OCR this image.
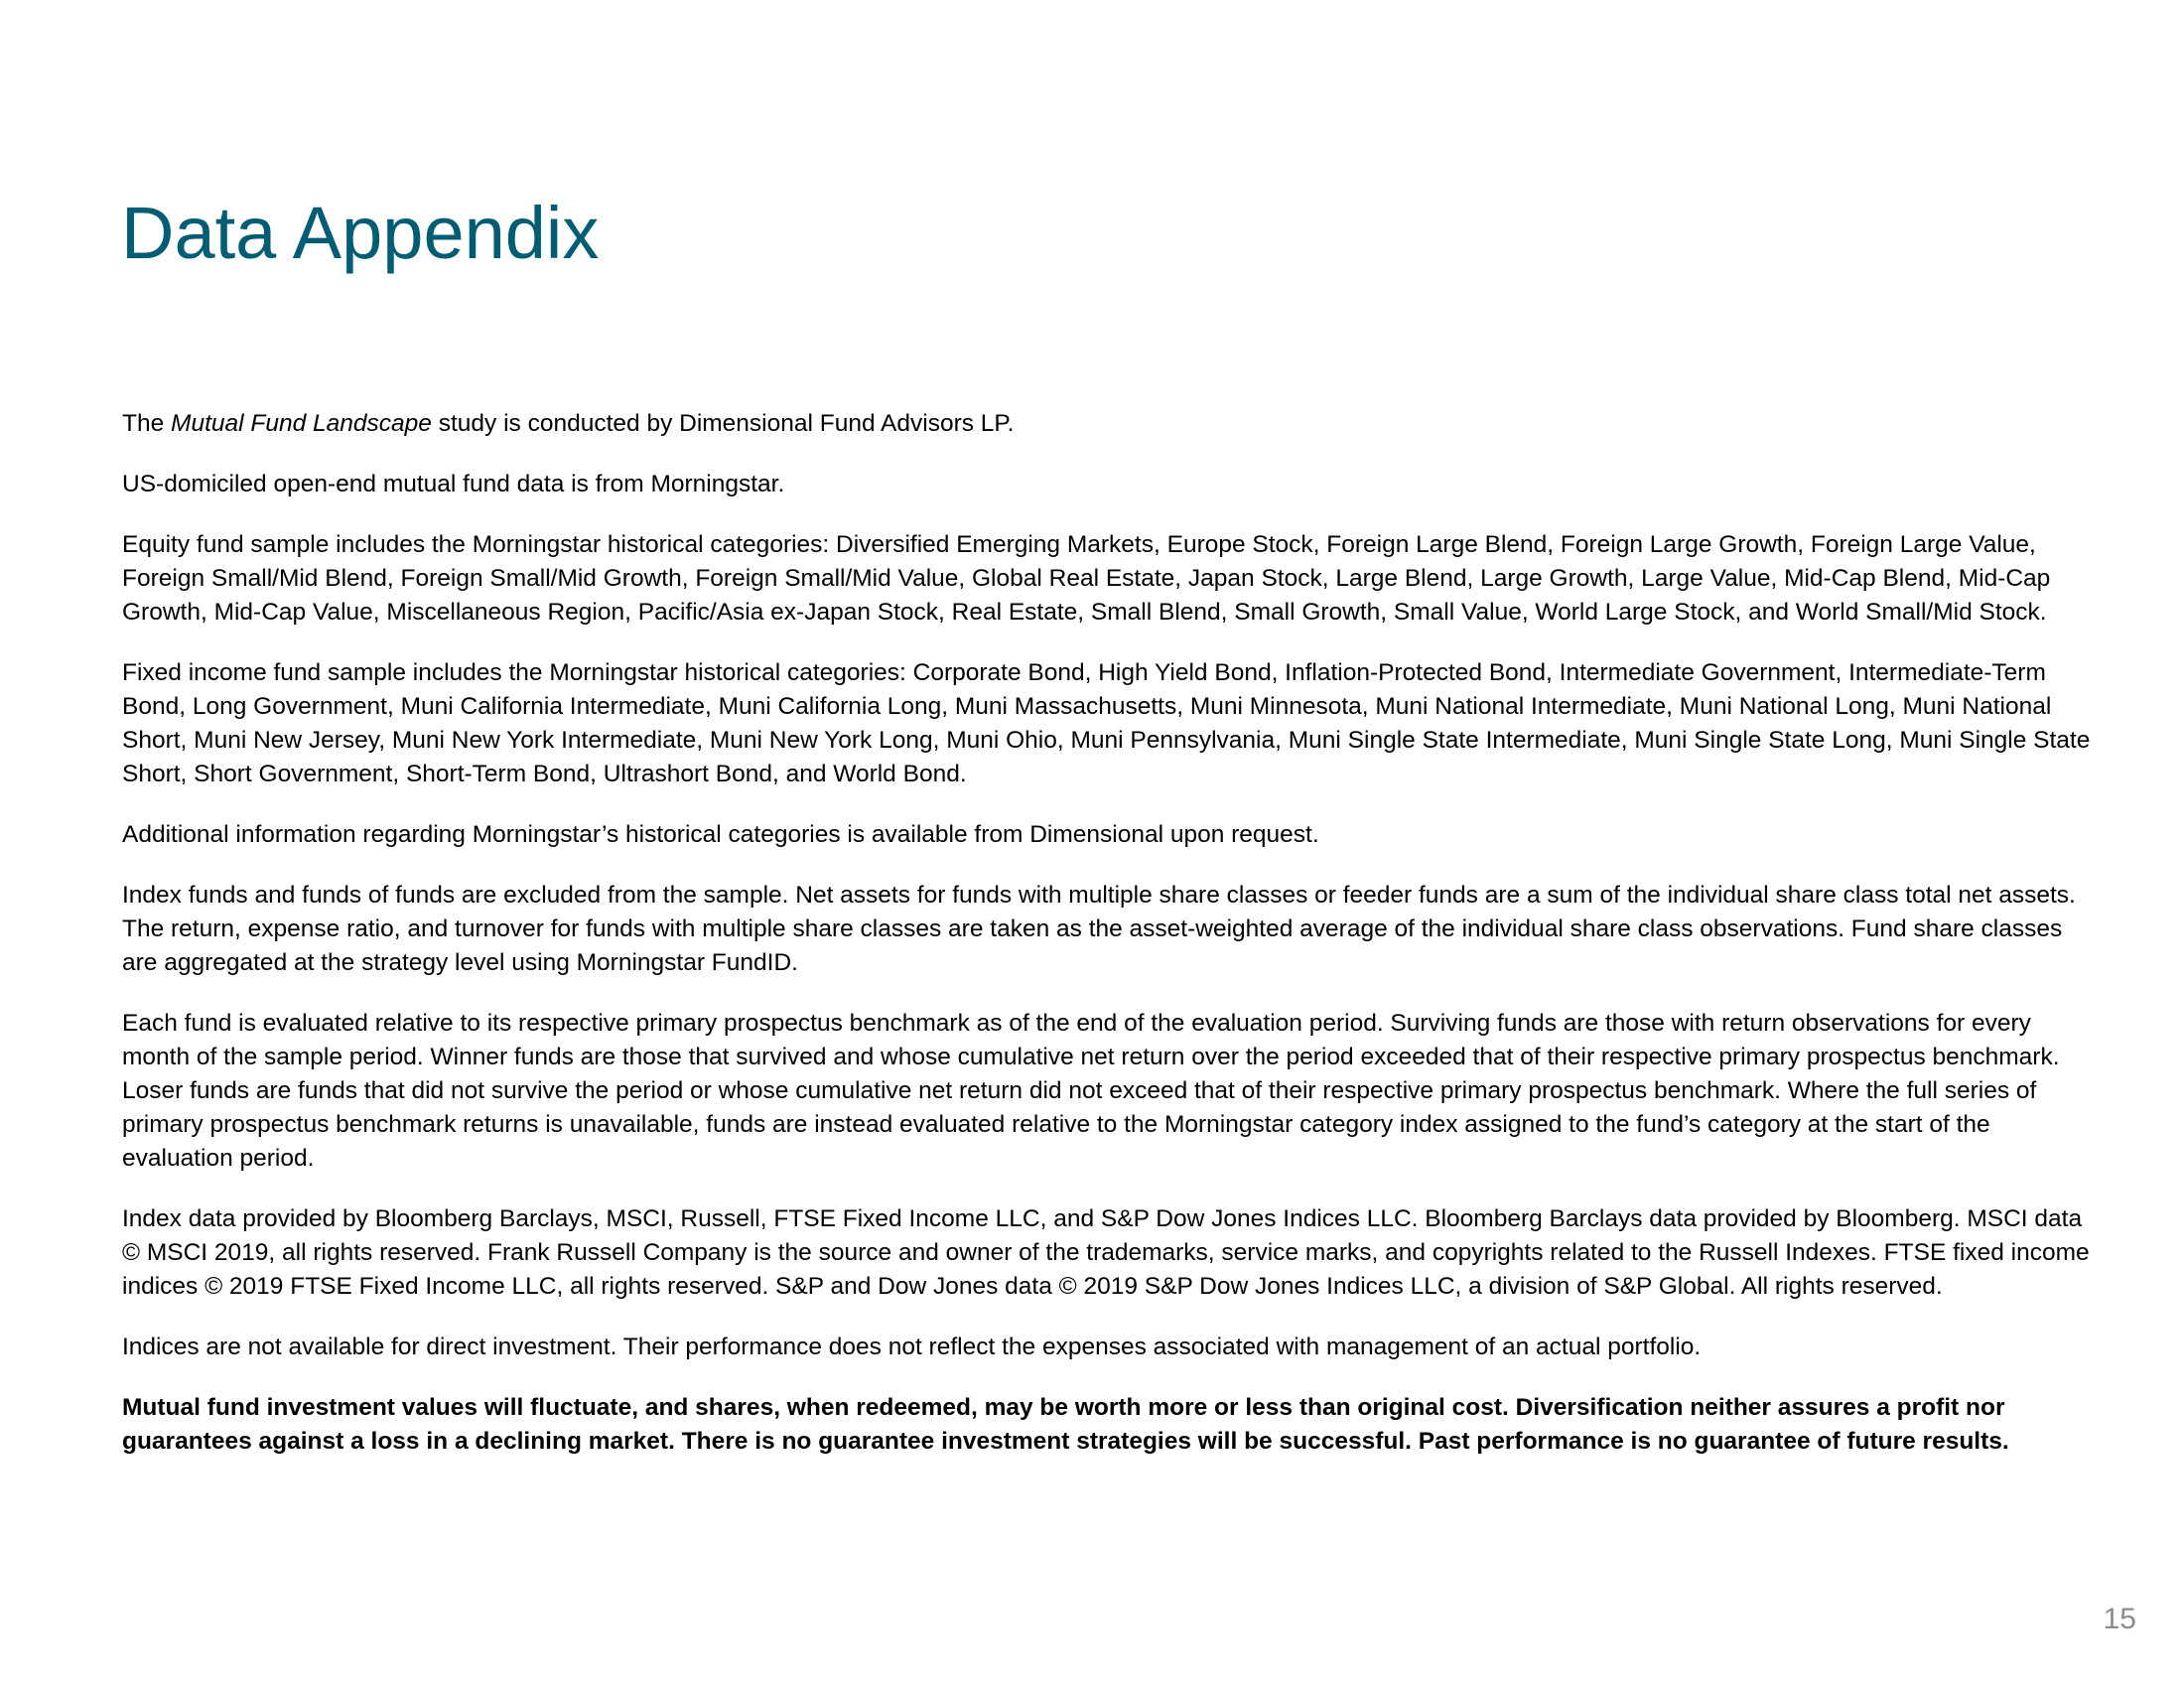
Data Appendix

The Mutual Fund Landscape study is conducted by Dimensional Fund Advisors LP.

US-domiciled open-end mutual fund data is from Morningstar.

Equity fund sample includes the Morningstar historical categories: Diversified Emerging Markets, Europe Stock, Foreign Large Blend, Foreign Large Growth, Foreign Large Value, Foreign Small/Mid Blend, Foreign Small/Mid Growth, Foreign Small/Mid Value, Global Real Estate, Japan Stock, Large Blend, Large Growth, Large Value, Mid-Cap Blend, Mid-Cap Growth, Mid-Cap Value, Miscellaneous Region, Pacific/Asia ex-Japan Stock, Real Estate, Small Blend, Small Growth, Small Value, World Large Stock, and World Small/Mid Stock.

Fixed income fund sample includes the Morningstar historical categories: Corporate Bond, High Yield Bond, Inflation-Protected Bond, Intermediate Government, Intermediate-Term Bond, Long Government, Muni California Intermediate, Muni California Long, Muni Massachusetts, Muni Minnesota, Muni National Intermediate, Muni National Long, Muni National Short, Muni New Jersey, Muni New York Intermediate, Muni New York Long, Muni Ohio, Muni Pennsylvania, Muni Single State Intermediate, Muni Single State Long, Muni Single State Short, Short Government, Short-Term Bond, Ultrashort Bond, and World Bond.

Additional information regarding Morningstar’s historical categories is available from Dimensional upon request.

Index funds and funds of funds are excluded from the sample. Net assets for funds with multiple share classes or feeder funds are a sum of the individual share class total net assets. The return, expense ratio, and turnover for funds with multiple share classes are taken as the asset-weighted average of the individual share class observations. Fund share classes are aggregated at the strategy level using Morningstar FundID.

Each fund is evaluated relative to its respective primary prospectus benchmark as of the end of the evaluation period. Surviving funds are those with return observations for every month of the sample period. Winner funds are those that survived and whose cumulative net return over the period exceeded that of their respective primary prospectus benchmark. Loser funds are funds that did not survive the period or whose cumulative net return did not exceed that of their respective primary prospectus benchmark. Where the full series of primary prospectus benchmark returns is unavailable, funds are instead evaluated relative to the Morningstar category index assigned to the fund’s category at the start of the evaluation period.

Index data provided by Bloomberg Barclays, MSCI, Russell, FTSE Fixed Income LLC, and S&P Dow Jones Indices LLC. Bloomberg Barclays data provided by Bloomberg. MSCI data © MSCI 2019, all rights reserved. Frank Russell Company is the source and owner of the trademarks, service marks, and copyrights related to the Russell Indexes. FTSE fixed income indices © 2019 FTSE Fixed Income LLC, all rights reserved. S&P and Dow Jones data © 2019 S&P Dow Jones Indices LLC, a division of S&P Global. All rights reserved.

Indices are not available for direct investment. Their performance does not reflect the expenses associated with management of an actual portfolio.

Mutual fund investment values will fluctuate, and shares, when redeemed, may be worth more or less than original cost. Diversification neither assures a profit nor guarantees against a loss in a declining market. There is no guarantee investment strategies will be successful. Past performance is no guarantee of future results.

15
